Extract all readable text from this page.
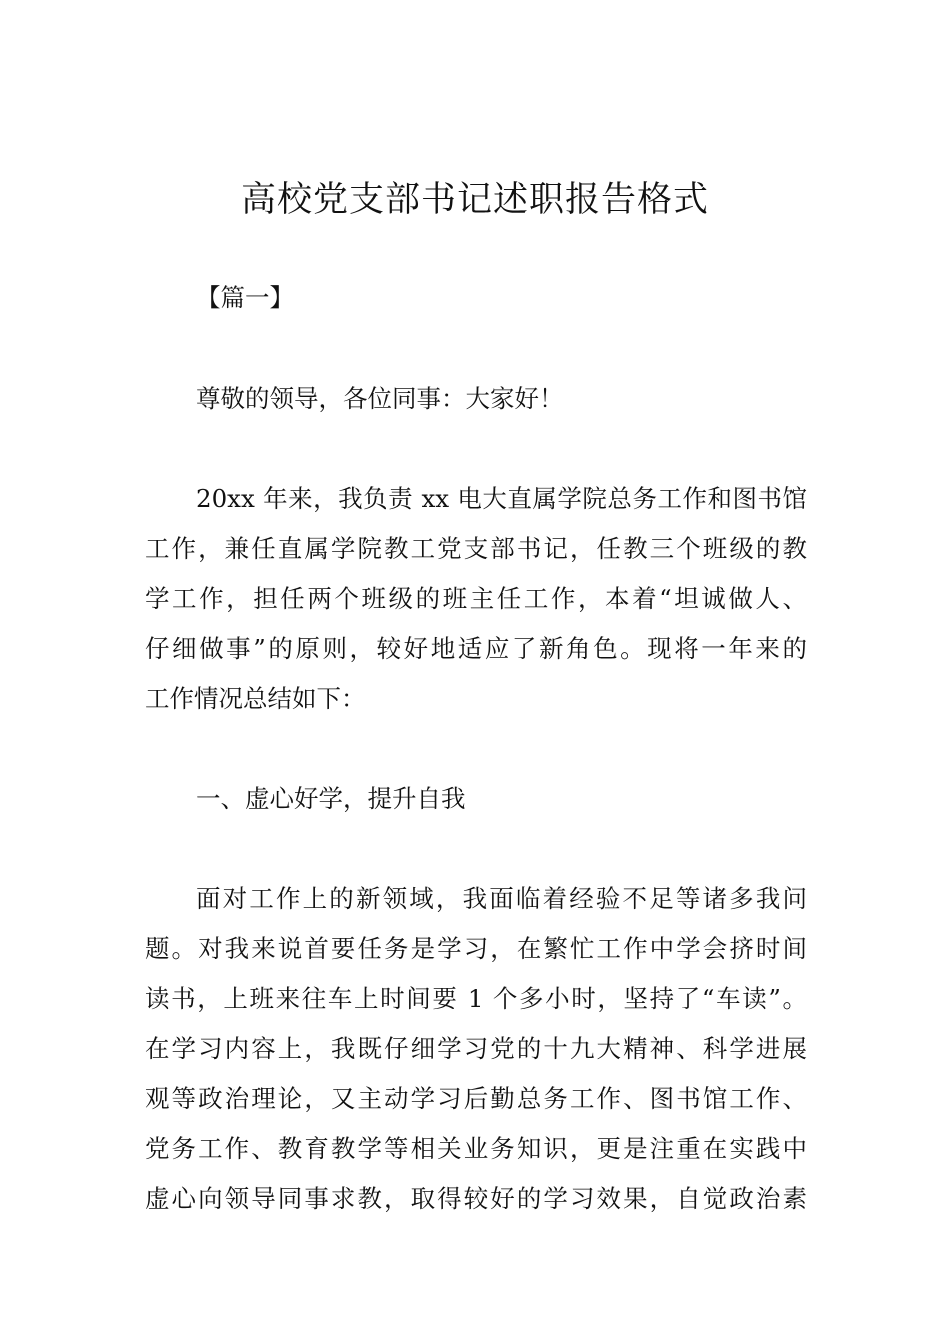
高校党支部书记述职报告格式

【篇一】

尊敬的领导，各位同事：大家好！

20xx 年来，我负责 xx 电大直属学院总务工作和图书馆

工作，兼任直属学院教工党支部书记，任教三个班级的教

学工作，担任两个班级的班主任工作，本着“坦诚做人、

仔细做事”的原则，较好地适应了新角色。现将一年来的

工作情况总结如下：

一、虚心好学，提升自我

面对工作上的新领域，我面临着经验不足等诸多我问

题。对我来说首要任务是学习，在繁忙工作中学会挤时间

读书，上班来往车上时间要 1 个多小时，坚持了“车读”。

在学习内容上，我既仔细学习党的十九大精神、科学进展

观等政治理论，又主动学习后勤总务工作、图书馆工作、

党务工作、教育教学等相关业务知识，更是注重在实践中

虚心向领导同事求教，取得较好的学习效果，自觉政治素
